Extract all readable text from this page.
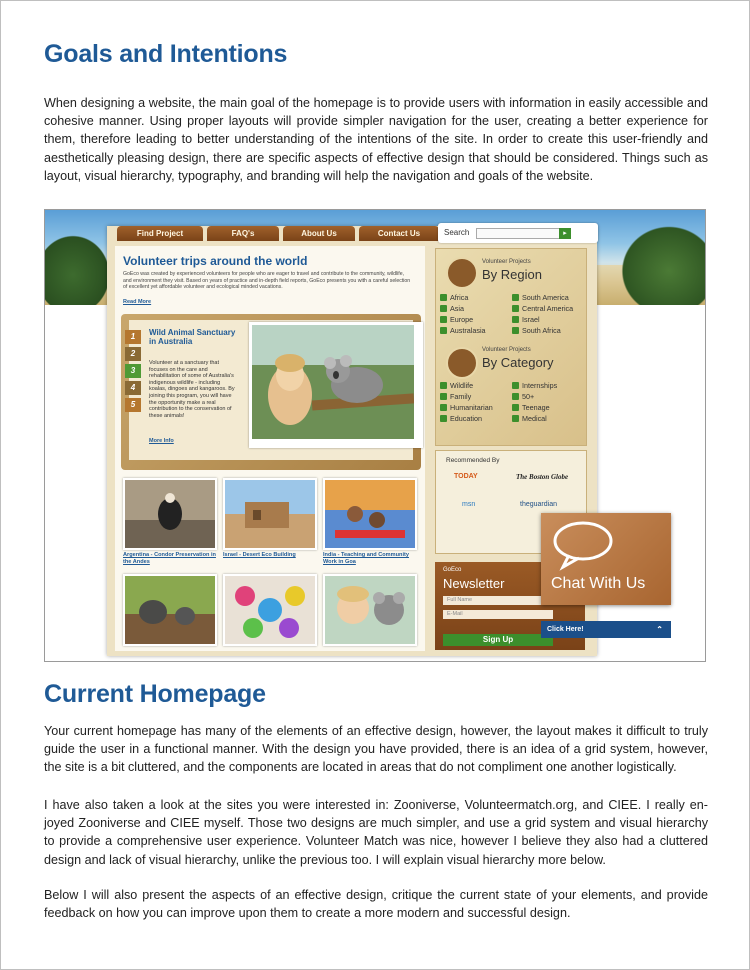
Goals and Intentions

When designing a website, the main goal of the homepage is to provide users with information in easily accessible and cohesive manner. Using proper layouts will provide simpler navigation for the user, creating a better experience for them, therefore leading to better understanding of the intentions of the site. In order to create this user-friendly and aesthetically pleasing design, there are specific aspects of effective design that should be considered. Things such as layout, visual hierarchy, typography, and branding will help the navigation and goals of the website.

Find Project	FAQ's	About Us	Contact Us	Search	▸
Volunteer trips around the world
GoEco was created by experienced volunteers for people who are eager to travel and contribute to the community, wildlife, and environment they visit. Based on years of practice and in-depth field reports, GoEco presents you with a careful selection of excellent yet affordable volunteer and ecological minded vacations.
Read More
1
2
3
4
5
Wild Animal Sanctuary in Australia
Volunteer at a sanctuary that focuses on the care and rehabilitation of some of Australia's indigenous wildlife - including koalas, dingoes and kangaroos. By joining this program, you will have the opportunity make a real contribution to the conservation of these animals!
More Info
Argentina - Condor Preservation in the Andes
Israel - Desert Eco Building	India - Teaching and Community Work in Goa
Volunteer Projects
By Region
Africa
Asia
Europe
Australasia
South America
Central America
Israel
South Africa
Volunteer Projects
By Category
Wildlife
Family
Humanitarian
Education
Internships
50+
Teenage
Medical
Recommended By
TODAY	The Boston Globe
msn	theguardian
GoEco
Newsletter
Full Name
E-Mail
Sign Up
Chat With Us
Click Here!	⌃
Current Homepage

Your current homepage has many of the elements of an effective design, however, the layout makes it difficult to truly guide the user in a functional manner. With the design you have provided, there is an idea of a grid system, however, the site is a bit cluttered, and the components are located in areas that do not compliment one another logistically.

I have also taken a look at the sites you were interested in: Zooniverse, Volunteermatch.org, and CIEE. I really en-joyed Zooniverse and CIEE myself. Those two designs are much simpler, and use a grid system and visual hierarchy to provide a comprehensive user experience. Volunteer Match was nice, however I believe they also had a cluttered design and lack of visual hierarchy, unlike the previous too. I will explain visual hierarchy more below.

Below I will also present the aspects of an effective design, critique the current state of your elements, and provide feedback on how you can improve upon them to create a more modern and successful design.
